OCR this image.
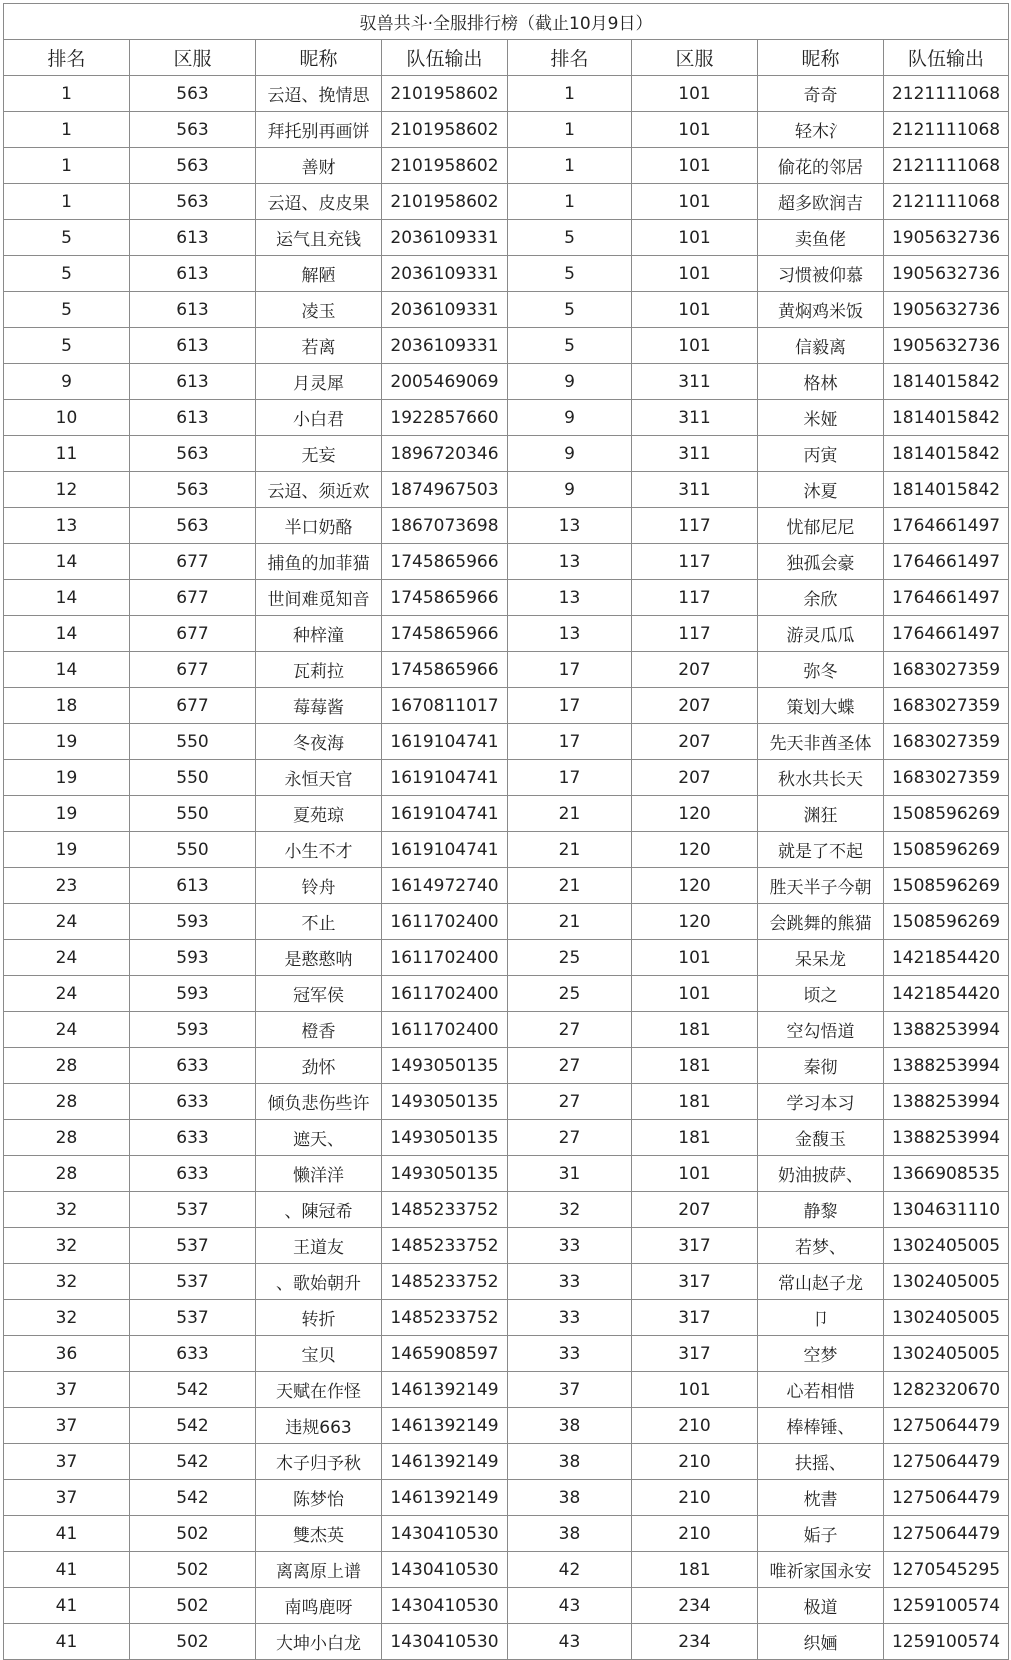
驭兽共斗·全服排行榜（截止10月9日）							
排名	区服	昵称	队伍输出	排名	区服	昵称	队伍输出
1	563	云迢、挽情思	2101958602	1	101	奇奇	2121111068
1	563	拜托别再画饼	2101958602	1	101	轻木氵	2121111068
1	563	善财	2101958602	1	101	偷花的邻居	2121111068
1	563	云迢、皮皮果	2101958602	1	101	超多欧润吉	2121111068
5	613	运气且充钱	2036109331	5	101	卖鱼佬	1905632736
5	613	解陋	2036109331	5	101	习惯被仰慕	1905632736
5	613	凌玉	2036109331	5	101	黄焖鸡米饭	1905632736
5	613	若离	2036109331	5	101	信毅离	1905632736
9	613	月灵犀	2005469069	9	311	格林	1814015842
10	613	小白君	1922857660	9	311	米娅	1814015842
11	563	无妄	1896720346	9	311	丙寅	1814015842
12	563	云迢、须近欢	1874967503	9	311	沐夏	1814015842
13	563	半口奶酪	1867073698	13	117	忧郁尼尼	1764661497
14	677	捕鱼的加菲猫	1745865966	13	117	独孤会豪	1764661497
14	677	世间难觅知音	1745865966	13	117	余欣	1764661497
14	677	种梓潼	1745865966	13	117	游灵瓜瓜	1764661497
14	677	瓦莉拉	1745865966	17	207	弥冬	1683027359
18	677	莓莓酱	1670811017	17	207	策划大蝶	1683027359
19	550	冬夜海	1619104741	17	207	先天非酋圣体	1683027359
19	550	永恒天官	1619104741	17	207	秋水共长天	1683027359
19	550	夏苑琼	1619104741	21	120	渊狂	1508596269
19	550	小生不才	1619104741	21	120	就是了不起	1508596269
23	613	铃舟	1614972740	21	120	胜天半子今朝	1508596269
24	593	不止	1611702400	21	120	会跳舞的熊猫	1508596269
24	593	是憨憨呐	1611702400	25	101	呆呆龙	1421854420
24	593	冠军侯	1611702400	25	101	顷之	1421854420
24	593	橙香	1611702400	27	181	空勾悟道	1388253994
28	633	劲怀	1493050135	27	181	秦彻	1388253994
28	633	倾负悲伤些许	1493050135	27	181	学习本习	1388253994
28	633	遮天、	1493050135	27	181	金馥玉	1388253994
28	633	懒洋洋	1493050135	31	101	奶油披萨、	1366908535
32	537	、陳冠希	1485233752	32	207	静黎	1304631110
32	537	王道友	1485233752	33	317	若梦、	1302405005
32	537	、歌始朝升	1485233752	33	317	常山赵子龙	1302405005
32	537	转折	1485233752	33	317	卩	1302405005
36	633	宝贝	1465908597	33	317	空梦	1302405005
37	542	天赋在作怪	1461392149	37	101	心若相惜	1282320670
37	542	违规663	1461392149	38	210	棒棒锤、	1275064479
37	542	木子归予秋	1461392149	38	210	扶摇、	1275064479
37	542	陈梦怡	1461392149	38	210	枕書	1275064479
41	502	雙杰英	1430410530	38	210	姤子	1275064479
41	502	离离原上谱	1430410530	42	181	唯祈家国永安	1270545295
41	502	南鸣鹿呀	1430410530	43	234	极道	1259100574
41	502	大坤小白龙	1430410530	43	234	织婳	1259100574
